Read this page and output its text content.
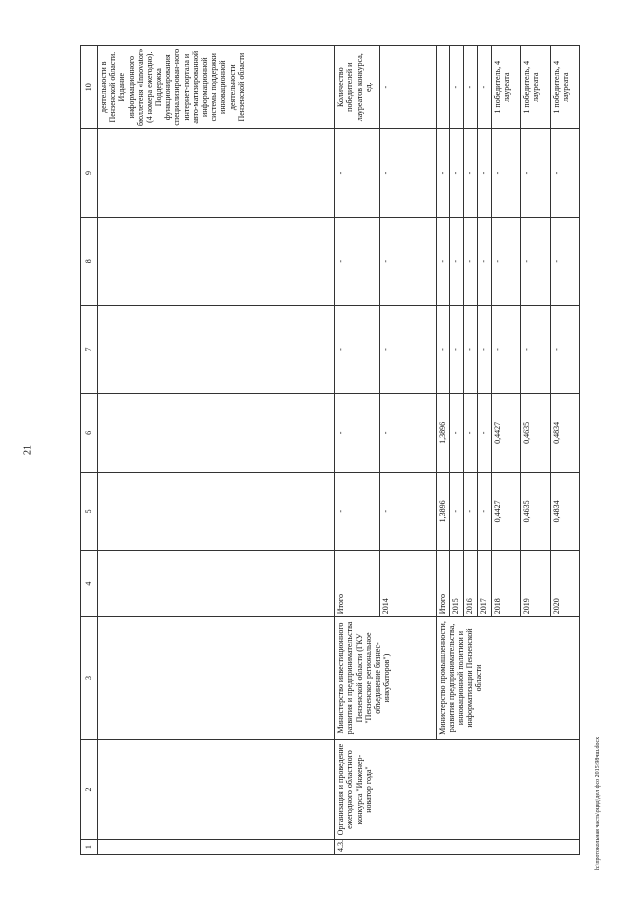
21
1	2	3	4	5	6	7	8	9	10
									деятельности в Пензенской области. Издание информационного бюллетеня «Innovator» (4 номера ежегодно). Поддержка функционирования специализирован-ного интернет-портала и авто-матизированной информационной системы поддержки инновационной деятельности Пензенской области
4.3.	Организация и проведение ежегодного областного конкурса "Инженер-новатор года"	Министерство инвестиционного развития и предпринимательства Пензенской области (ГКУ "Пензенское региональное объединение бизнес-инкубаторов")	Итого	-	-	-	-	-	Количество победителей и лауреатов конкурса, ед.
			2014	-	-	-	-	-	-
		Министерство промышленности, развития предпринимательства, инновационной политики и информатизации Пензенской области	Итого	1,3896	1,3896	-	-	-	
			2015	-	-	-	-	-	-
			2016	-	-	-	-	-	-
			2017	-	-	-	-	-	-
			2018	0,4427	0,4427	-	-	-	1 победитель, 4 лауреата
			2019	0,4635	0,4635	-	-	-	1 победитель, 4 лауреата
			2020	0,4834	0,4834	-	-	-	1 победитель, 4 лауреата
h:\протокольная часть\рцвд\дел фсо 2015\98чш.docx
